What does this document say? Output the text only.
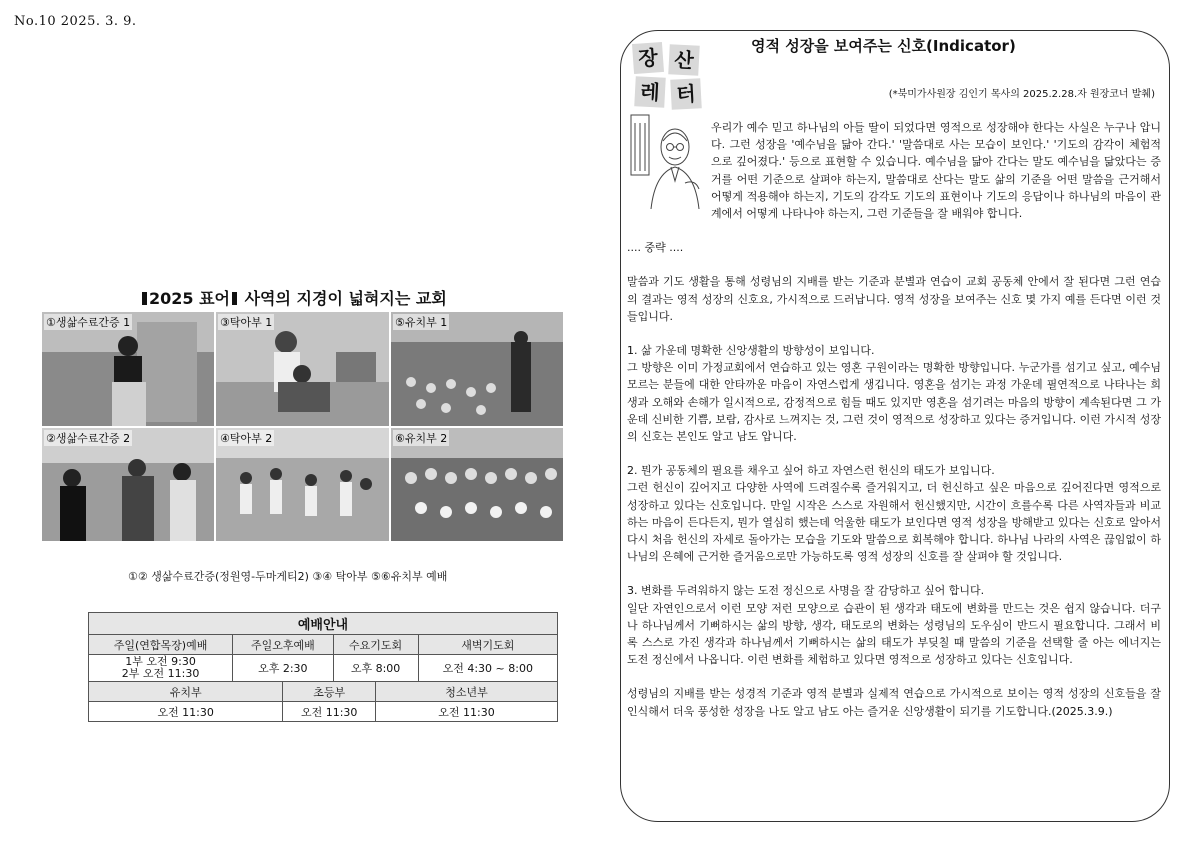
No.10 2025. 3. 9.
2025 표어 사역의 지경이 넓혀지는 교회
①생삶수료간증 1	③탁아부 1	⑤유치부 1
②생삶수료간증 2	④탁아부 2	⑥유치부 2
①② 생삶수료간증(정원영-두마게티2) ③④ 탁아부 ⑤⑥유치부 예배
예배안내					
주일(연합목장)예배	주일오후예배		수요기도회		새벽기도회

1부 오전 9:30
2부 오전 11:30	오후 2:30		오후 8:00		오전 4:30 ~ 8:00
유치부		초등부		청소년부	
오전 11:30		오전 11:30		오전 11:30	
장 산
레 터
영적 성장을 보여주는 신호(Indicator)
(*북미가사원장 김인기 목사의 2025.2.28.자 원장코너 발췌)

우리가 예수 믿고 하나님의 아들 딸이 되었다면 영적으로 성장해야 한다는 사실은 누구나 압니다. 그런 성장을 '예수님을 닮아 간다.' '말씀대로 사는 모습이 보인다.' '기도의 감각이 체험적으로 깊어졌다.' 등으로 표현할 수 있습니다. 예수님을 닮아 간다는 말도 예수님을 닮았다는 증거를 어떤 기준으로 살펴야 하는지, 말씀대로 산다는 말도 삶의 기준을 어떤 말씀을 근거해서 어떻게 적용해야 하는지, 기도의 감각도 기도의 표현이나 기도의 응답이나 하나님의 마음이 관계에서 어떻게 나타나야 하는지, 그런 기준들을 잘 배워야 합니다.

.... 중략 ....

말씀과 기도 생활을 통해 성령님의 지배를 받는 기준과 분별과 연습이 교회 공동체 안에서 잘 된다면 그런 연습의 결과는 영적 성장의 신호요, 가시적으로 드러납니다. 영적 성장을 보여주는 신호 몇 가지 예를 든다면 이런 것들입니다.

1. 삶 가운데 명확한 신앙생활의 방향성이 보입니다.

그 방향은 이미 가정교회에서 연습하고 있는 영혼 구원이라는 명확한 방향입니다. 누군가를 섬기고 싶고, 예수님 모르는 분들에 대한 안타까운 마음이 자연스럽게 생깁니다. 영혼을 섬기는 과정 가운데 필연적으로 나타나는 희생과 오해와 손해가 일시적으로, 감정적으로 힘들 때도 있지만 영혼을 섬기려는 마음의 방향이 계속된다면 그 가운데 신비한 기쁨, 보람, 감사로 느껴지는 것, 그런 것이 영적으로 성장하고 있다는 증거입니다. 이런 가시적 성장의 신호는 본인도 알고 남도 압니다.

2. 뭔가 공동체의 필요를 채우고 싶어 하고 자연스런 헌신의 태도가 보입니다.

그런 헌신이 깊어지고 다양한 사역에 드려질수록 즐거워지고, 더 헌신하고 싶은 마음으로 깊어진다면 영적으로 성장하고 있다는 신호입니다. 만일 시작은 스스로 자원해서 헌신했지만, 시간이 흐를수록 다른 사역자들과 비교하는 마음이 든다든지, 뭔가 열심히 했는데 억울한 태도가 보인다면 영적 성장을 방해받고 있다는 신호로 알아서 다시 처음 헌신의 자세로 돌아가는 모습을 기도와 말씀으로 회복해야 합니다. 하나님 나라의 사역은 끊임없이 하나님의 은혜에 근거한 즐거움으로만 가능하도록 영적 성장의 신호를 잘 살펴야 할 것입니다.

3. 변화를 두려워하지 않는 도전 정신으로 사명을 잘 감당하고 싶어 합니다.

일단 자연인으로서 이런 모양 저런 모양으로 습관이 된 생각과 태도에 변화를 만드는 것은 쉽지 않습니다. 더구나 하나님께서 기뻐하시는 삶의 방향, 생각, 태도로의 변화는 성령님의 도우심이 반드시 필요합니다. 그래서 비록 스스로 가진 생각과 하나님께서 기뻐하시는 삶의 태도가 부딪칠 때 말씀의 기준을 선택할 줄 아는 에너지는 도전 정신에서 나옵니다. 이런 변화를 체험하고 있다면 영적으로 성장하고 있다는 신호입니다.

성령님의 지배를 받는 성경적 기준과 영적 분별과 실제적 연습으로 가시적으로 보이는 영적 성장의 신호들을 잘 인식해서 더욱 풍성한 성장을 나도 알고 남도 아는 즐거운 신앙생활이 되기를 기도합니다.(2025.3.9.)
